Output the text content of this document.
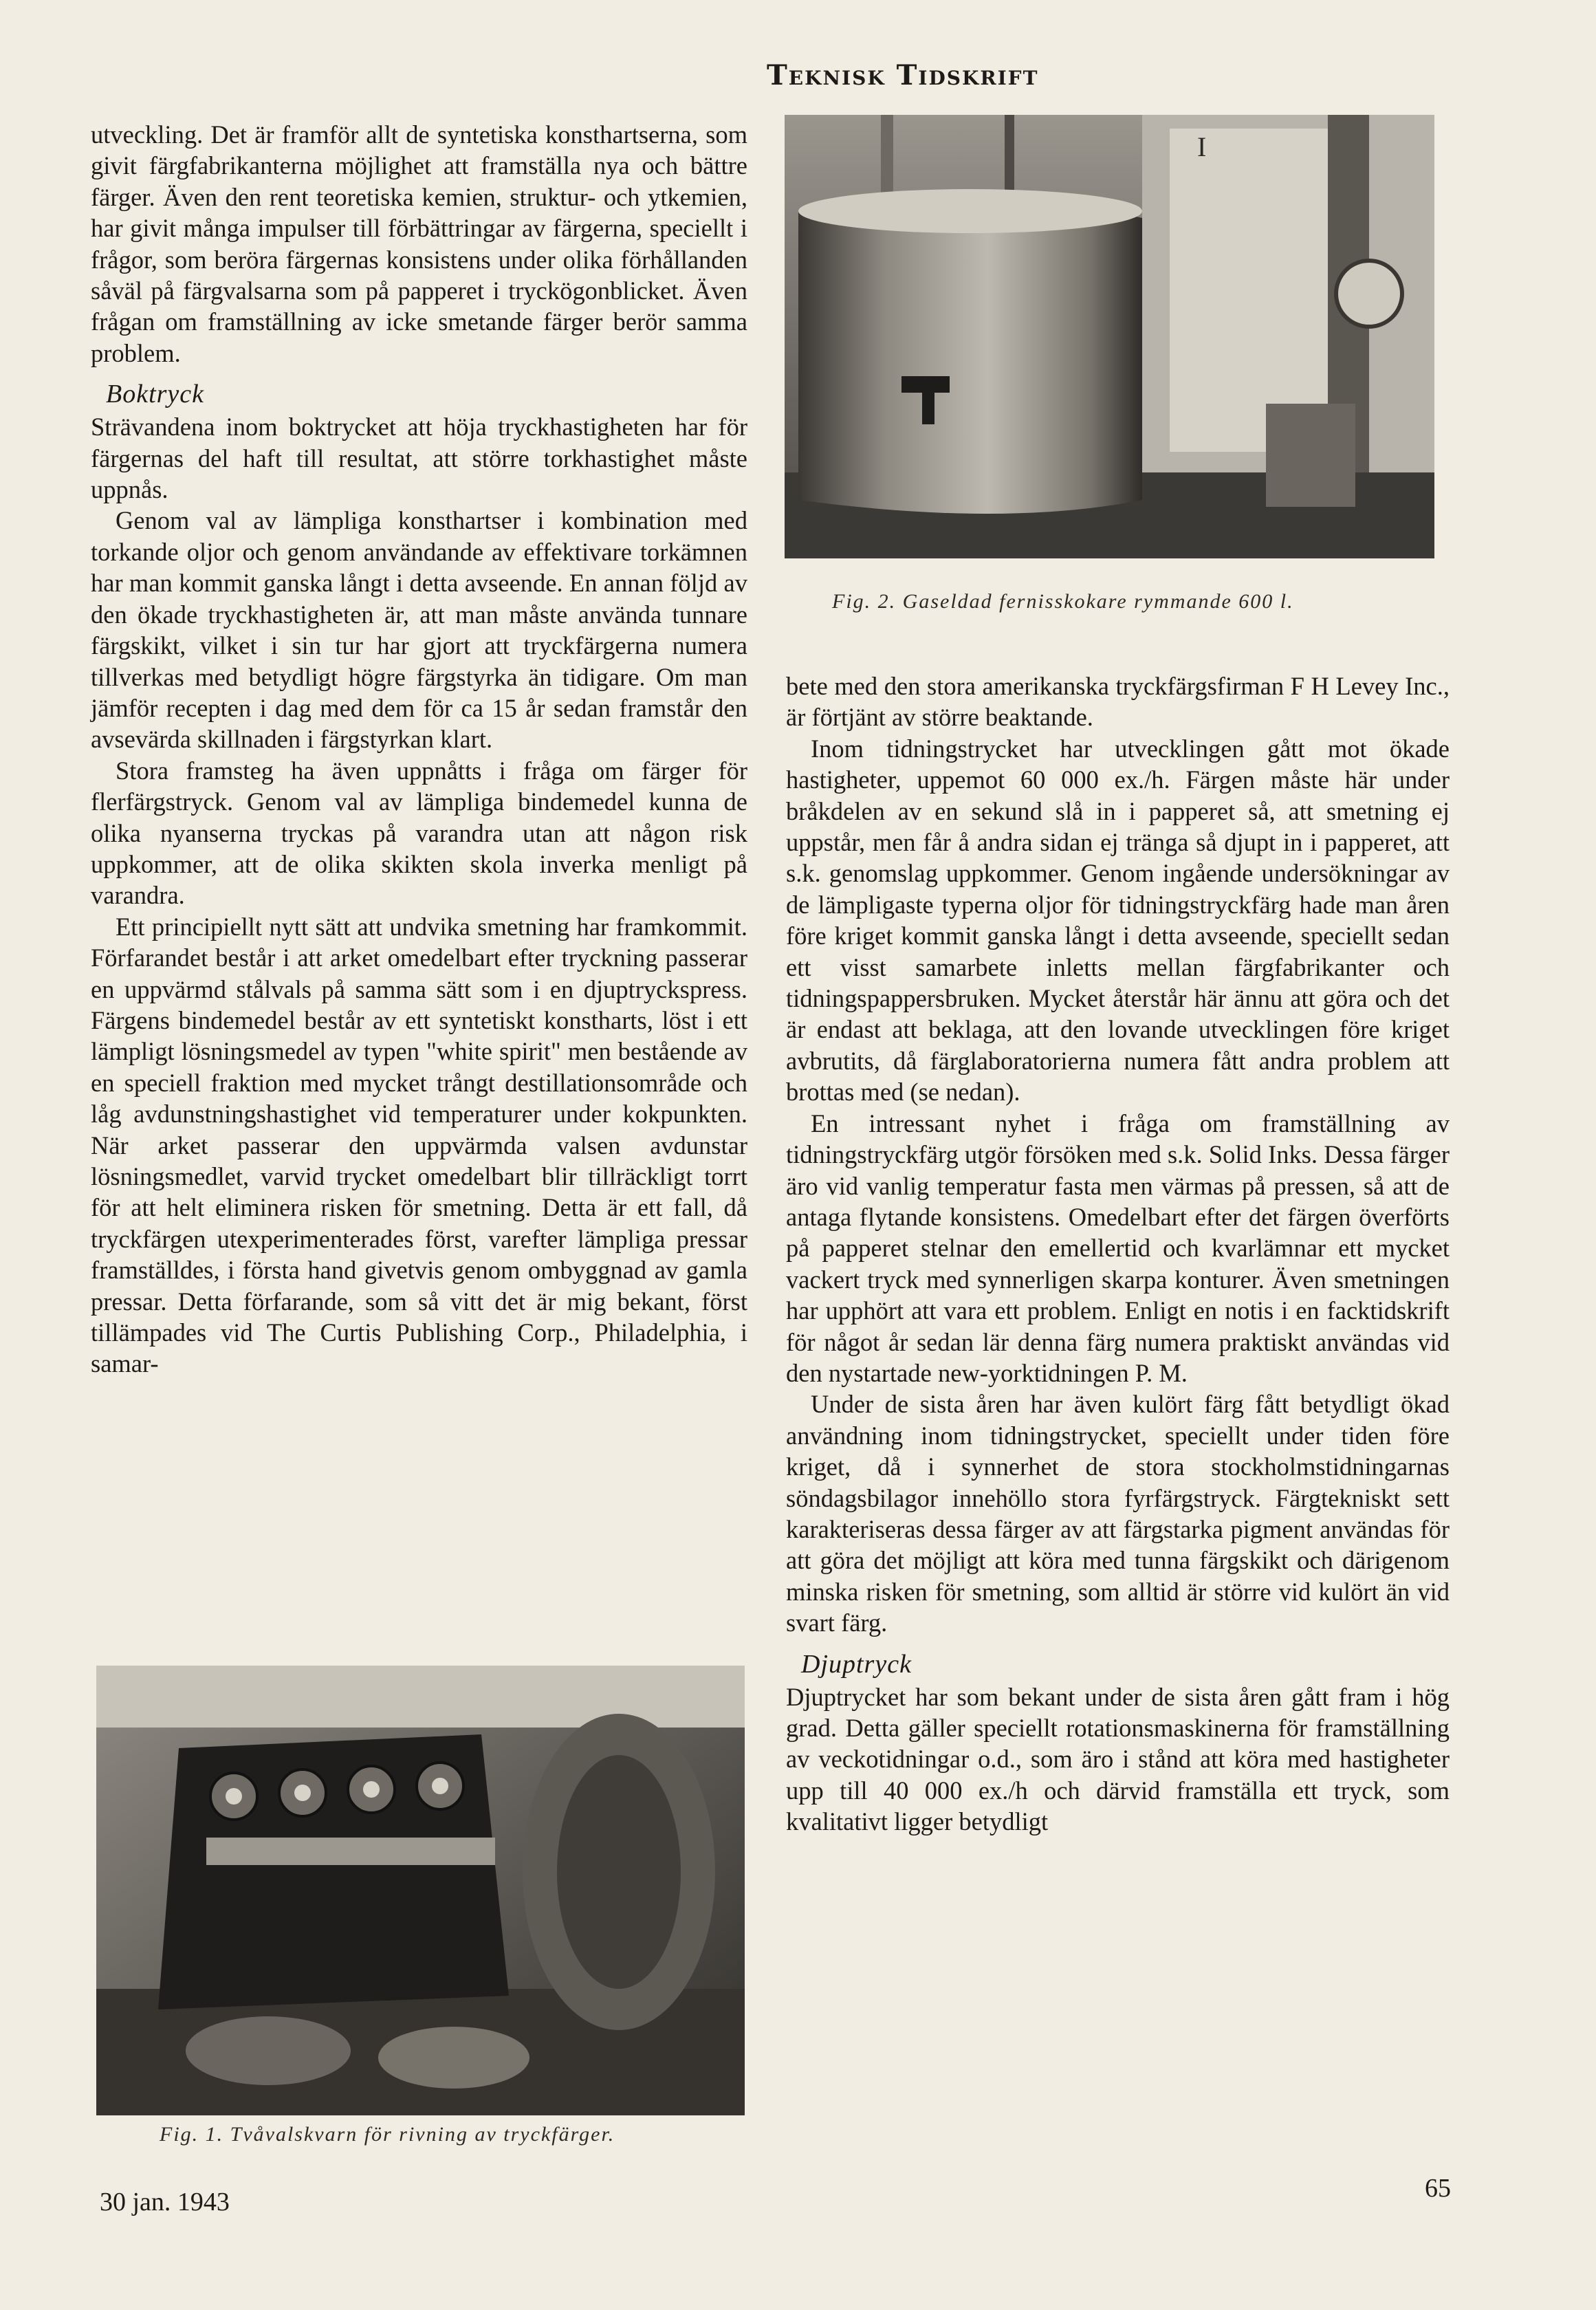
Teknisk Tidskrift
I
Fig. 2. Gaseldad fernisskokare rymmande 600 l.

utveckling. Det är framför allt de syntetiska konsthartserna, som givit färgfabrikanterna möjlighet att framställa nya och bättre färger. Även den rent teoretiska kemien, struktur- och ytkemien, har givit många impulser till förbättringar av färgerna, speciellt i frågor, som beröra färgernas konsistens under olika förhållanden såväl på färgvalsarna som på papperet i tryckögonblicket. Även frågan om framställning av icke smetande färger berör samma problem.

Boktryck

Strävandena inom boktrycket att höja tryckhastigheten har för färgernas del haft till resultat, att större torkhastighet måste uppnås.

Genom val av lämpliga konsthartser i kombination med torkande oljor och genom användande av effektivare torkämnen har man kommit ganska långt i detta avseende. En annan följd av den ökade tryckhastigheten är, att man måste använda tunnare färgskikt, vilket i sin tur har gjort att tryckfärgerna numera tillverkas med betydligt högre färgstyrka än tidigare. Om man jämför recepten i dag med dem för ca 15 år sedan framstår den avsevärda skillnaden i färgstyrkan klart.

Stora framsteg ha även uppnåtts i fråga om färger för flerfärgstryck. Genom val av lämpliga bindemedel kunna de olika nyanserna tryckas på varandra utan att någon risk uppkommer, att de olika skikten skola inverka menligt på varandra.

Ett principiellt nytt sätt att undvika smetning har framkommit. Förfarandet består i att arket omedelbart efter tryckning passerar en uppvärmd stålvals på samma sätt som i en djuptryckspress. Färgens bindemedel består av ett syntetiskt konstharts, löst i ett lämpligt lösningsmedel av typen "white spirit" men bestående av en speciell fraktion med mycket trångt destillationsområde och låg avdunstningshastighet vid temperaturer under kokpunkten. När arket passerar den uppvärmda valsen avdunstar lösningsmedlet, varvid trycket omedelbart blir tillräckligt torrt för att helt eliminera risken för smetning. Detta är ett fall, då tryckfärgen utexperimenterades först, varefter lämpliga pressar framställdes, i första hand givetvis genom ombyggnad av gamla pressar. Detta förfarande, som så vitt det är mig bekant, först tillämpades vid The Curtis Publishing Corp., Philadelphia, i samar-

Fig. 1. Tvåvalskvarn för rivning av tryckfärger.

bete med den stora amerikanska tryckfärgsfirman F H Levey Inc., är förtjänt av större beaktande.

Inom tidningstrycket har utvecklingen gått mot ökade hastigheter, uppemot 60 000 ex./h. Färgen måste här under bråkdelen av en sekund slå in i papperet så, att smetning ej uppstår, men får å andra sidan ej tränga så djupt in i papperet, att s.k. genomslag uppkommer. Genom ingående undersökningar av de lämpligaste typerna oljor för tidningstryckfärg hade man åren före kriget kommit ganska långt i detta avseende, speciellt sedan ett visst samarbete inletts mellan färgfabrikanter och tidningspappersbruken. Mycket återstår här ännu att göra och det är endast att beklaga, att den lovande utvecklingen före kriget avbrutits, då färglaboratorierna numera fått andra problem att brottas med (se nedan).

En intressant nyhet i fråga om framställning av tidningstryckfärg utgör försöken med s.k. Solid Inks. Dessa färger äro vid vanlig temperatur fasta men värmas på pressen, så att de antaga flytande konsistens. Omedelbart efter det färgen överförts på papperet stelnar den emellertid och kvarlämnar ett mycket vackert tryck med synnerligen skarpa konturer. Även smetningen har upphört att vara ett problem. Enligt en notis i en facktidskrift för något år sedan lär denna färg numera praktiskt användas vid den nystartade new-yorktidningen P. M.

Under de sista åren har även kulört färg fått betydligt ökad användning inom tidningstrycket, speciellt under tiden före kriget, då i synnerhet de stora stockholmstidningarnas söndagsbilagor innehöllo stora fyrfärgstryck. Färgtekniskt sett karakteriseras dessa färger av att färgstarka pigment användas för att göra det möjligt att köra med tunna färgskikt och därigenom minska risken för smetning, som alltid är större vid kulört än vid svart färg.

Djuptryck

Djuptrycket har som bekant under de sista åren gått fram i hög grad. Detta gäller speciellt rotationsmaskinerna för framställning av veckotidningar o.d., som äro i stånd att köra med hastigheter upp till 40 000 ex./h och därvid framställa ett tryck, som kvalitativt ligger betydligt

30 jan. 1943	65
